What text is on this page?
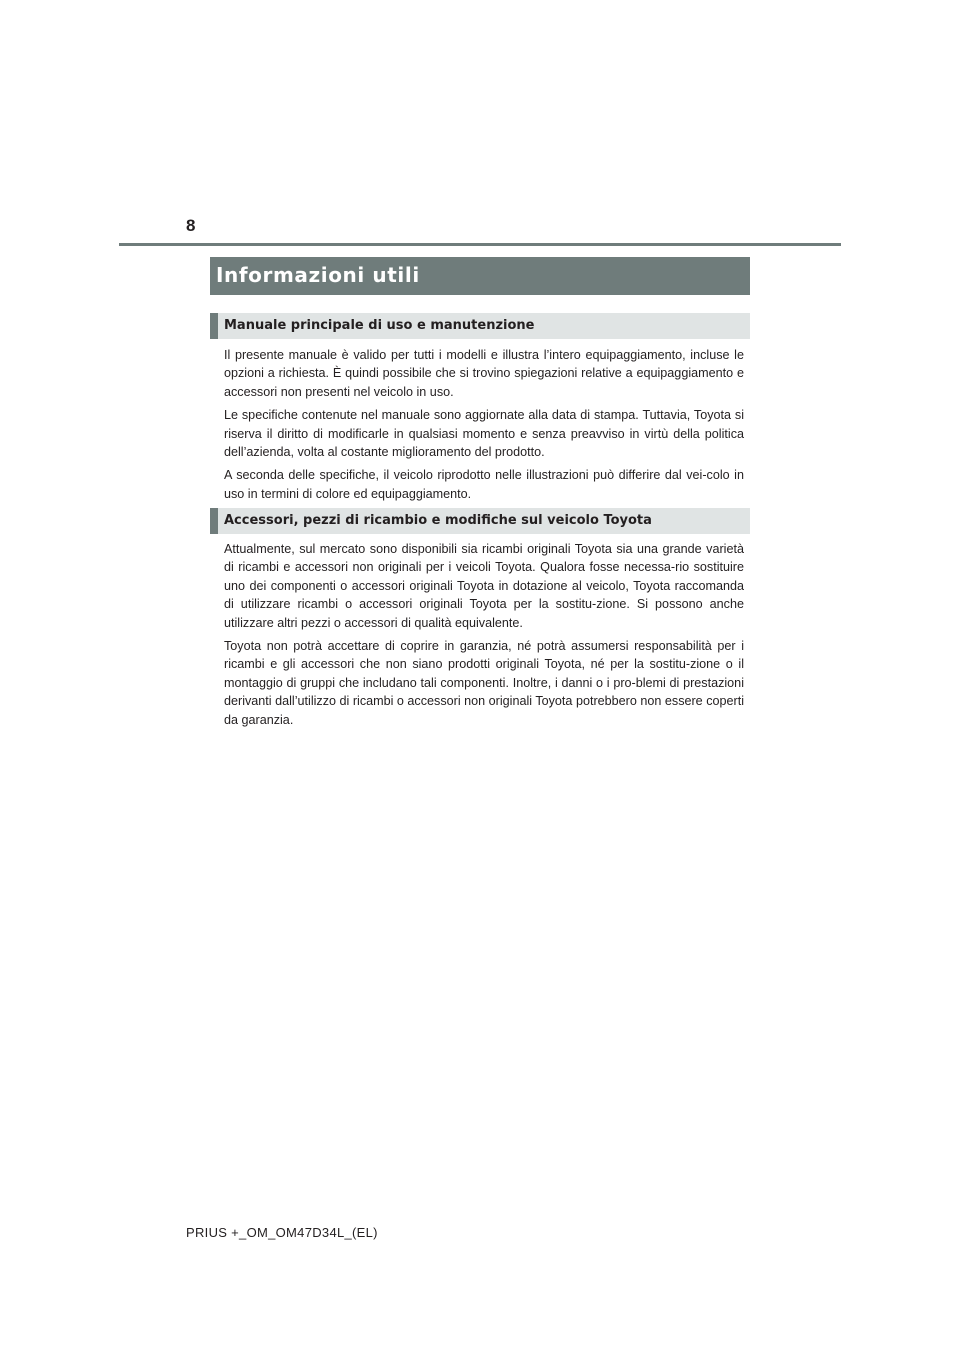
8
Informazioni utili
Manuale principale di uso e manutenzione

Il presente manuale è valido per tutti i modelli e illustra l’intero equipaggiamento, incluse le opzioni a richiesta. È quindi possibile che si trovino spiegazioni relative a equipaggiamento e accessori non presenti nel veicolo in uso.

Le specifiche contenute nel manuale sono aggiornate alla data di stampa. Tuttavia, Toyota si riserva il diritto di modificarle in qualsiasi momento e senza preavviso in virtù della politica dell’azienda, volta al costante miglioramento del prodotto.

A seconda delle specifiche, il veicolo riprodotto nelle illustrazioni può differire dal vei-colo in uso in termini di colore ed equipaggiamento.

Accessori, pezzi di ricambio e modifiche sul veicolo Toyota

Attualmente, sul mercato sono disponibili sia ricambi originali Toyota sia una grande varietà di ricambi e accessori non originali per i veicoli Toyota. Qualora fosse necessa-rio sostituire uno dei componenti o accessori originali Toyota in dotazione al veicolo, Toyota raccomanda di utilizzare ricambi o accessori originali Toyota per la sostitu-zione. Si possono anche utilizzare altri pezzi o accessori di qualità equivalente.

Toyota non potrà accettare di coprire in garanzia, né potrà assumersi responsabilità per i ricambi e gli accessori che non siano prodotti originali Toyota, né per la sostitu-zione o il montaggio di gruppi che includano tali componenti. Inoltre, i danni o i pro-blemi di prestazioni derivanti dall’utilizzo di ricambi o accessori non originali Toyota potrebbero non essere coperti da garanzia.

PRIUS +_OM_OM47D34L_(EL)
